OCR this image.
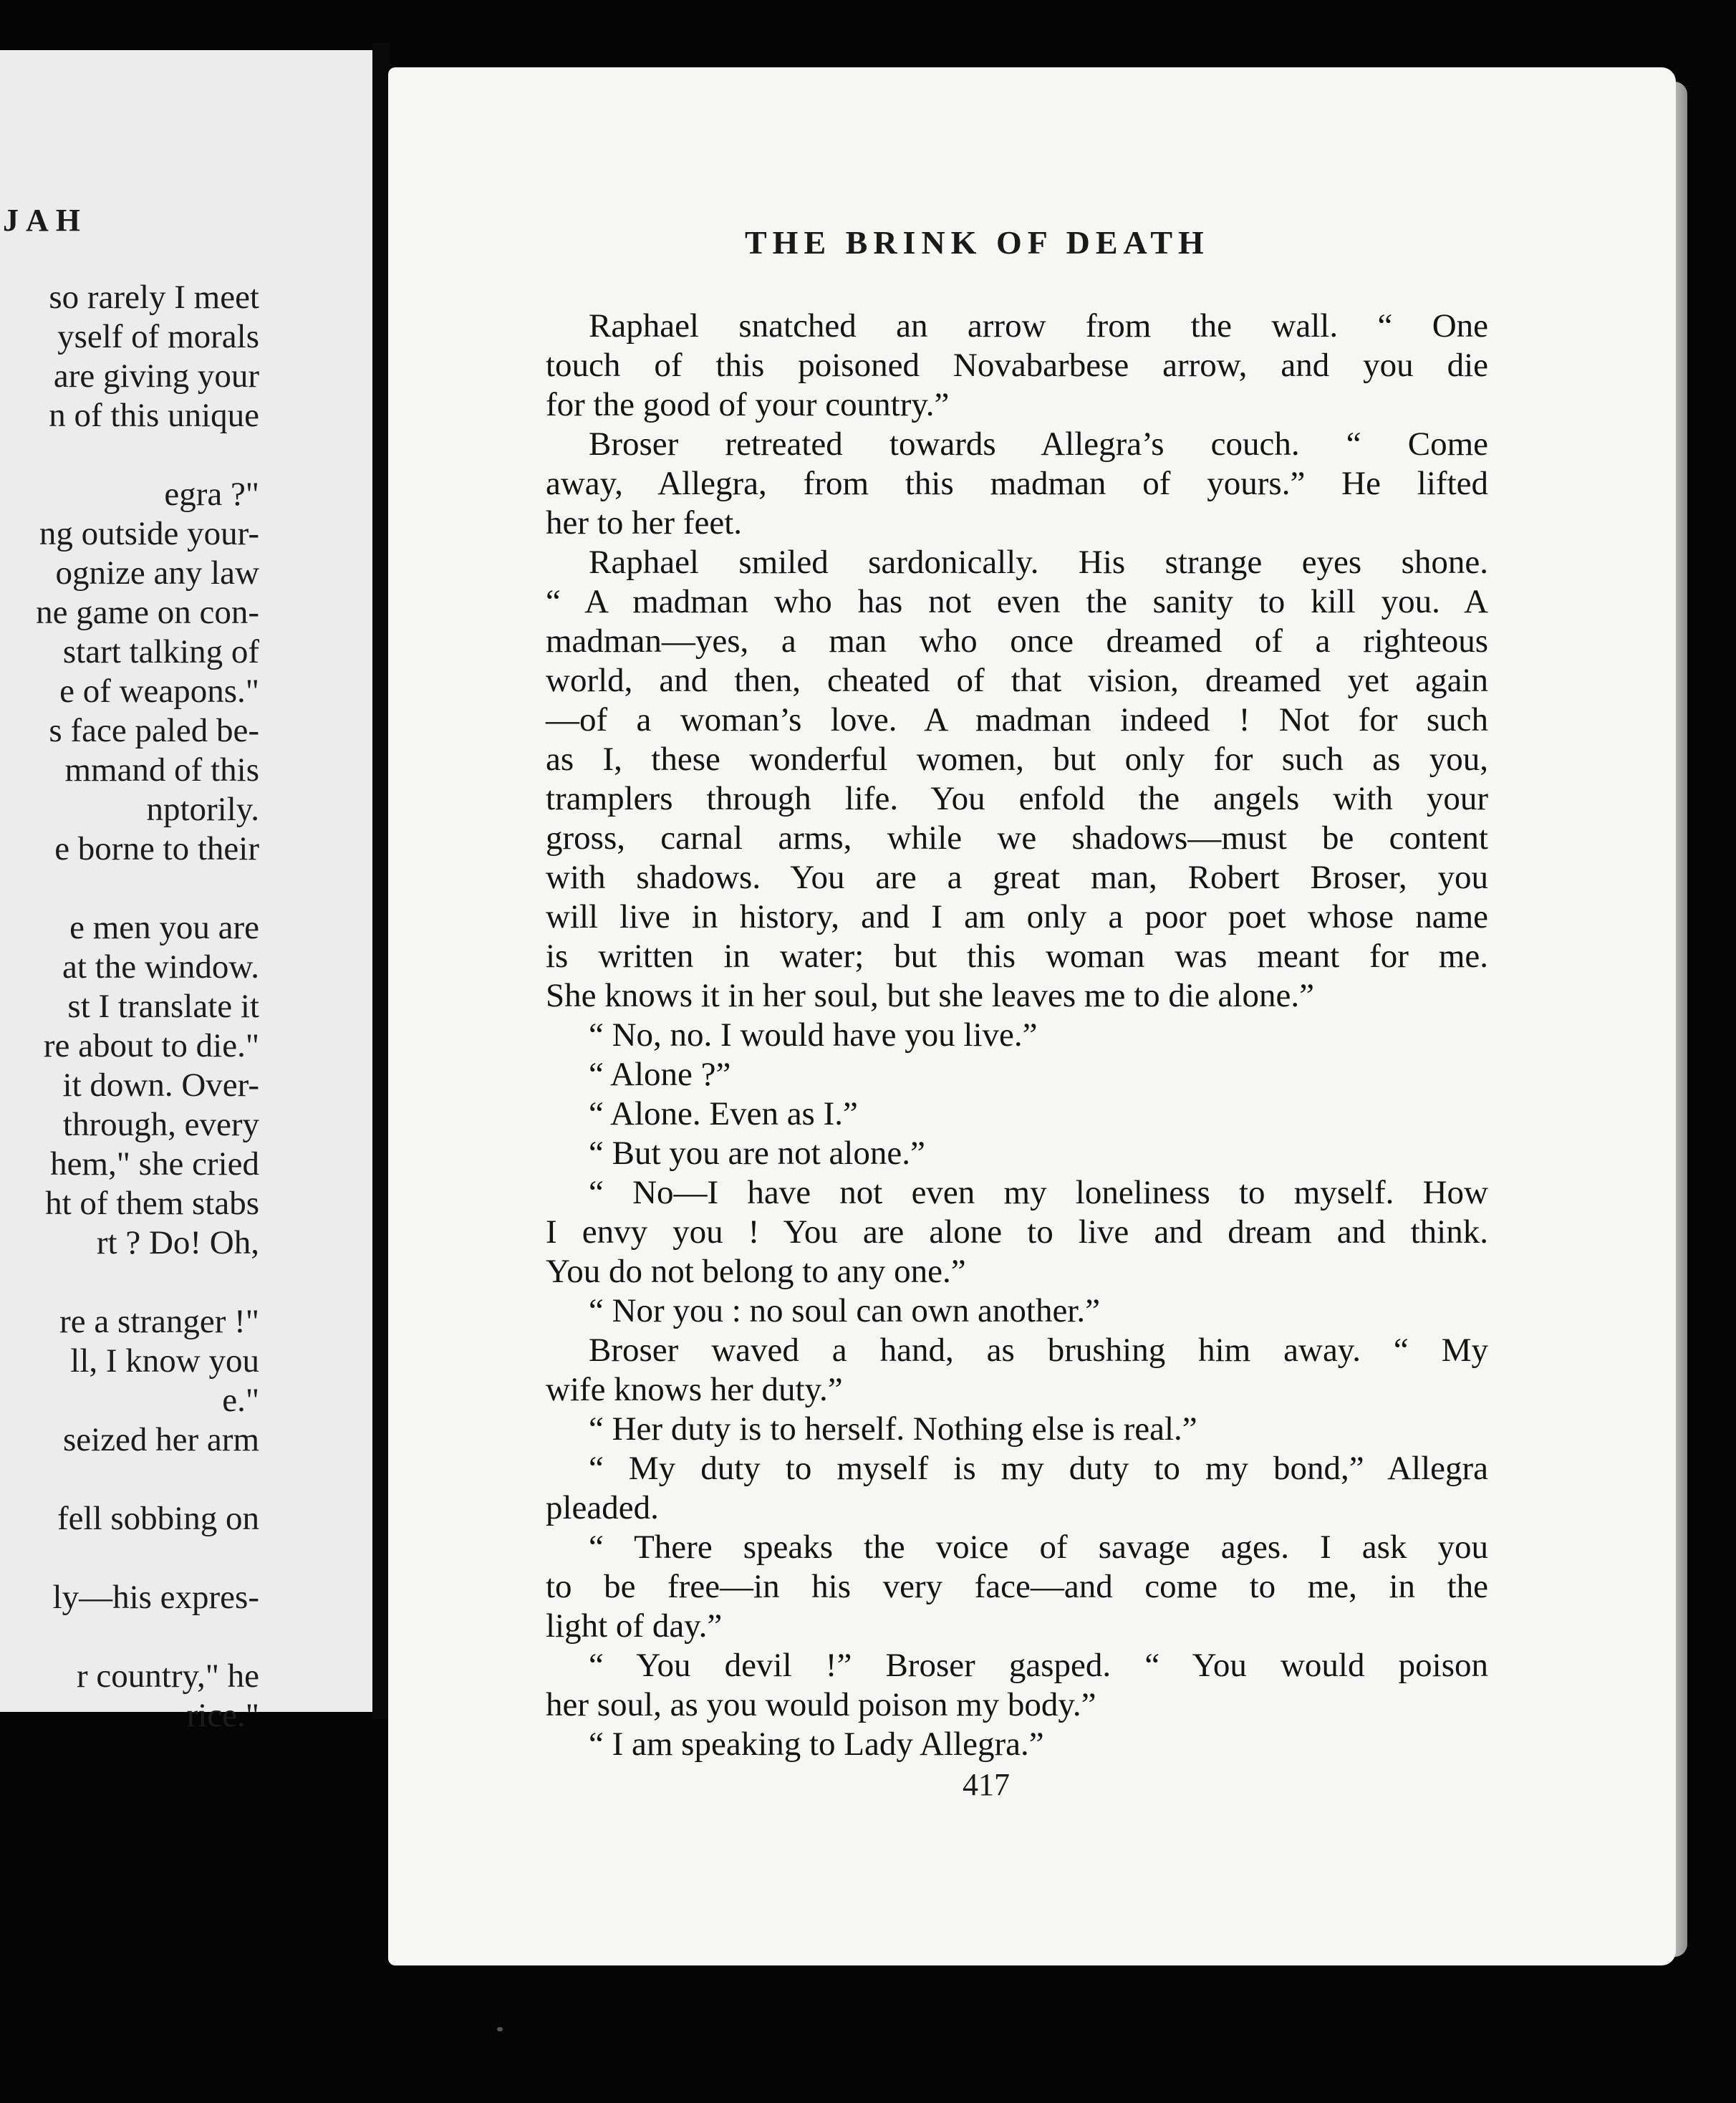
JAH
so rarely I meet
yself of morals
are giving your
n of this unique
egra ?"
ng outside your-
ognize any law
ne game on con-
start talking of
e of weapons."
s face paled be-
mmand of this
nptorily.
e borne to their
e men you are
at the window.
st I translate it
re about to die."
it down. Over-
through, every
hem," she cried
ht of them stabs
rt ? Do! Oh,
re a stranger !"
ll, I know you
e."
seized her arm
fell sobbing on
ly—his expres-
r country," he
rice."
THE BRINK OF DEATH
Raphael snatched an arrow from the wall. “ One
touch of this poisoned Novabarbese arrow, and you die
for the good of your country.”
Broser retreated towards Allegra’s couch. “ Come
away, Allegra, from this madman of yours.” He lifted
her to her feet.
Raphael smiled sardonically. His strange eyes shone.
“ A madman who has not even the sanity to kill you. A
madman—yes, a man who once dreamed of a righteous
world, and then, cheated of that vision, dreamed yet again
—of a woman’s love. A madman indeed ! Not for such
as I, these wonderful women, but only for such as you,
tramplers through life. You enfold the angels with your
gross, carnal arms, while we shadows—must be content
with shadows. You are a great man, Robert Broser, you
will live in history, and I am only a poor poet whose name
is written in water; but this woman was meant for me.
She knows it in her soul, but she leaves me to die alone.”
“ No, no. I would have you live.”
“ Alone ?”
“ Alone. Even as I.”
“ But you are not alone.”
“ No—I have not even my loneliness to myself. How
I envy you ! You are alone to live and dream and think.
You do not belong to any one.”
“ Nor you : no soul can own another.”
Broser waved a hand, as brushing him away. “ My
wife knows her duty.”
“ Her duty is to herself. Nothing else is real.”
“ My duty to myself is my duty to my bond,” Allegra
pleaded.
“ There speaks the voice of savage ages. I ask you
to be free—in his very face—and come to me, in the
light of day.”
“ You devil !” Broser gasped. “ You would poison
her soul, as you would poison my body.”
“ I am speaking to Lady Allegra.”
417
